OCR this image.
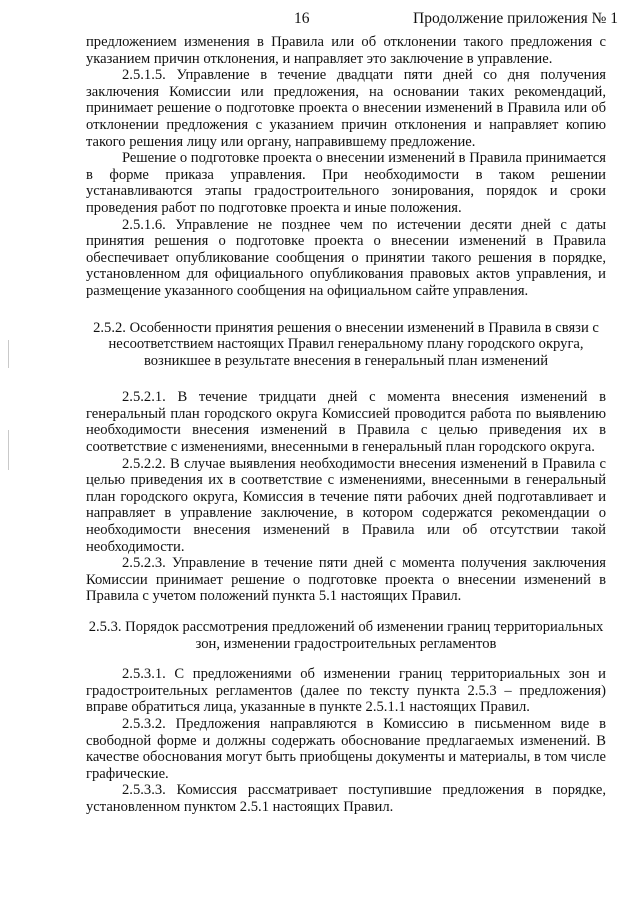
16	Продолжение приложения № 1

предложением изменения в Правила или об отклонении такого предложения с указанием причин отклонения, и направляет это заключение в управление.

2.5.1.5. Управление в течение двадцати пяти дней со дня получения заключения Комиссии или предложения, на основании таких рекомендаций, принимает решение о подготовке проекта о внесении изменений в Правила или об отклонении предложения с указанием причин отклонения и направляет копию такого решения лицу или органу, направившему предложение.

Решение о подготовке проекта о внесении изменений в Правила принимается в форме приказа управления. При необходимости в таком решении устанавливаются этапы градостроительного зонирования, порядок и сроки проведения работ по подготовке проекта и иные положения.

2.5.1.6. Управление не позднее чем по истечении десяти дней с даты принятия решения о подготовке проекта о внесении изменений в Правила обеспечивает опубликование сообщения о принятии такого решения в порядке, установленном для официального опубликования правовых актов управления, и размещение указанного сообщения на официальном сайте управления.

2.5.2. Особенности принятия решения о внесении изменений в Правила в связи с несоответствием настоящих Правил генеральному плану городского округа, возникшее в результате внесения в генеральный план изменений

2.5.2.1. В течение тридцати дней с момента внесения изменений в генеральный план городского округа Комиссией проводится работа по выявлению необходимости внесения изменений в Правила с целью приведения их в соответствие с изменениями, внесенными в генеральный план городского округа.

2.5.2.2. В случае выявления необходимости внесения изменений в Правила с целью приведения их в соответствие с изменениями, внесенными в генеральный план городского округа, Комиссия в течение пяти рабочих дней подготавливает и направляет в управление заключение, в котором содержатся рекомендации о необходимости внесения изменений в Правила или об отсутствии такой необходимости.

2.5.2.3. Управление в течение пяти дней с момента получения заключения Комиссии принимает решение о подготовке проекта о внесении изменений в Правила с учетом положений пункта 5.1 настоящих Правил.

2.5.3. Порядок рассмотрения предложений об изменении границ территориальных зон, изменении градостроительных регламентов

2.5.3.1. С предложениями об изменении границ территориальных зон и градостроительных регламентов (далее по тексту пункта 2.5.3 – предложения) вправе обратиться лица, указанные в пункте 2.5.1.1 настоящих Правил.

2.5.3.2. Предложения направляются в Комиссию в письменном виде в свободной форме и должны содержать обоснование предлагаемых изменений. В качестве обоснования могут быть приобщены документы и материалы, в том числе графические.

2.5.3.3. Комиссия рассматривает поступившие предложения в порядке, установленном пунктом 2.5.1 настоящих Правил.
